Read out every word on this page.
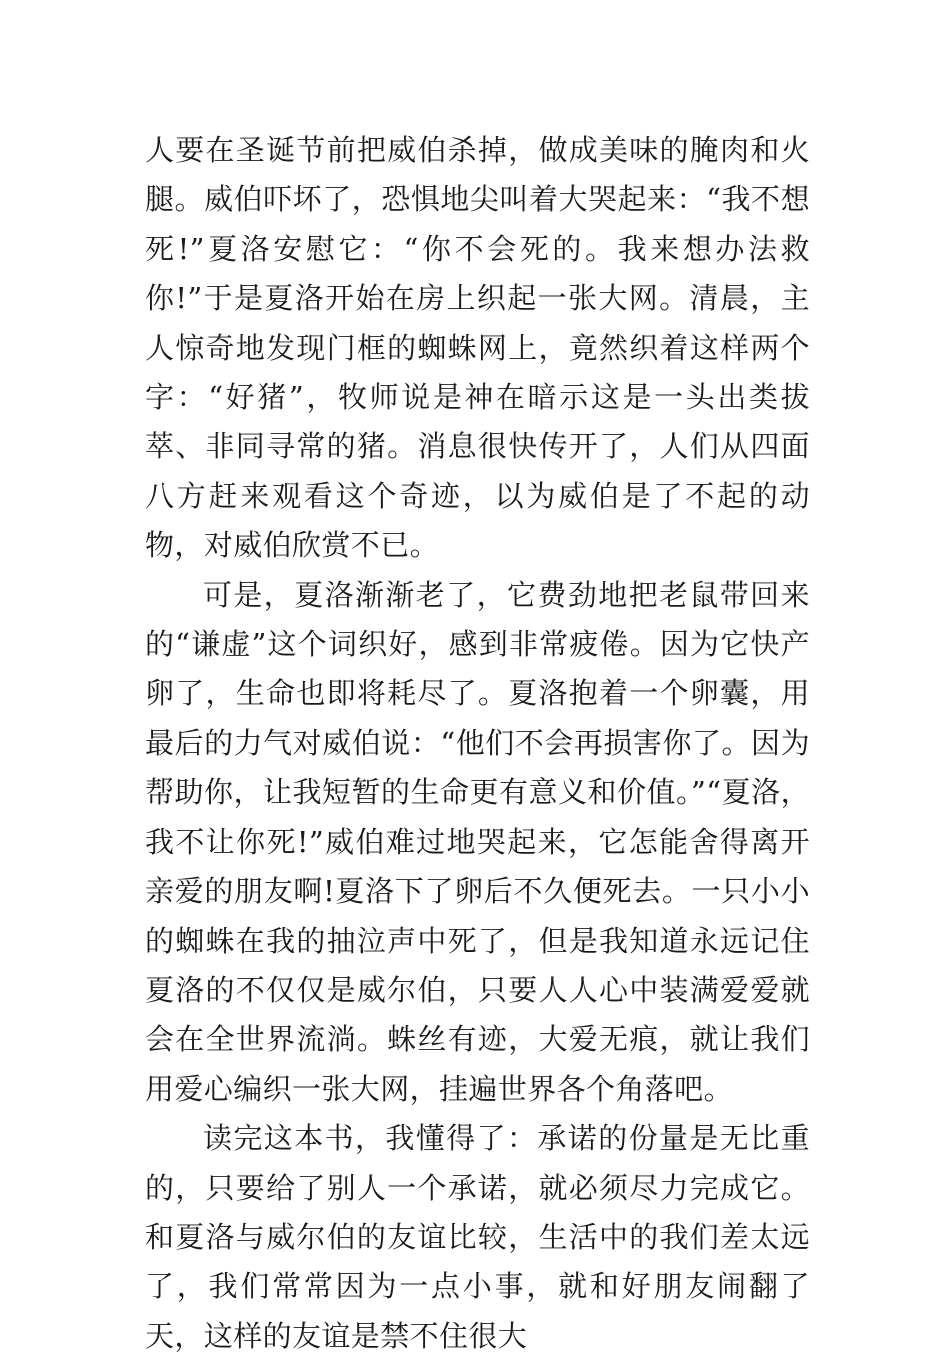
人要在圣诞节前把威伯杀掉，做成美味的腌肉和火腿。威伯吓坏了，恐惧地尖叫着大哭起来：“我不想死!”夏洛安慰它：“你不会死的。我来想办法救你!”于是夏洛开始在房上织起一张大网。清晨，主人惊奇地发现门框的蜘蛛网上，竟然织着这样两个字：“好猪”，牧师说是神在暗示这是一头出类拔萃、非同寻常的猪。消息很快传开了，人们从四面八方赶来观看这个奇迹，以为威伯是了不起的动物，对威伯欣赏不已。

可是，夏洛渐渐老了，它费劲地把老鼠带回来的“谦虚”这个词织好，感到非常疲倦。因为它快产卵了，生命也即将耗尽了。夏洛抱着一个卵囊，用最后的力气对威伯说：“他们不会再损害你了。因为帮助你，让我短暂的生命更有意义和价值。”“夏洛，我不让你死!”威伯难过地哭起来，它怎能舍得离开亲爱的朋友啊!夏洛下了卵后不久便死去。一只小小的蜘蛛在我的抽泣声中死了，但是我知道永远记住夏洛的不仅仅是威尔伯，只要人人心中装满爱爱就会在全世界流淌。蛛丝有迹，大爱无痕，就让我们用爱心编织一张大网，挂遍世界各个角落吧。

读完这本书，我懂得了：承诺的份量是无比重的，只要给了别人一个承诺，就必须尽力完成它。和夏洛与威尔伯的友谊比较，生活中的我们差太远了，我们常常因为一点小事，就和好朋友闹翻了天，这样的友谊是禁不住很大
